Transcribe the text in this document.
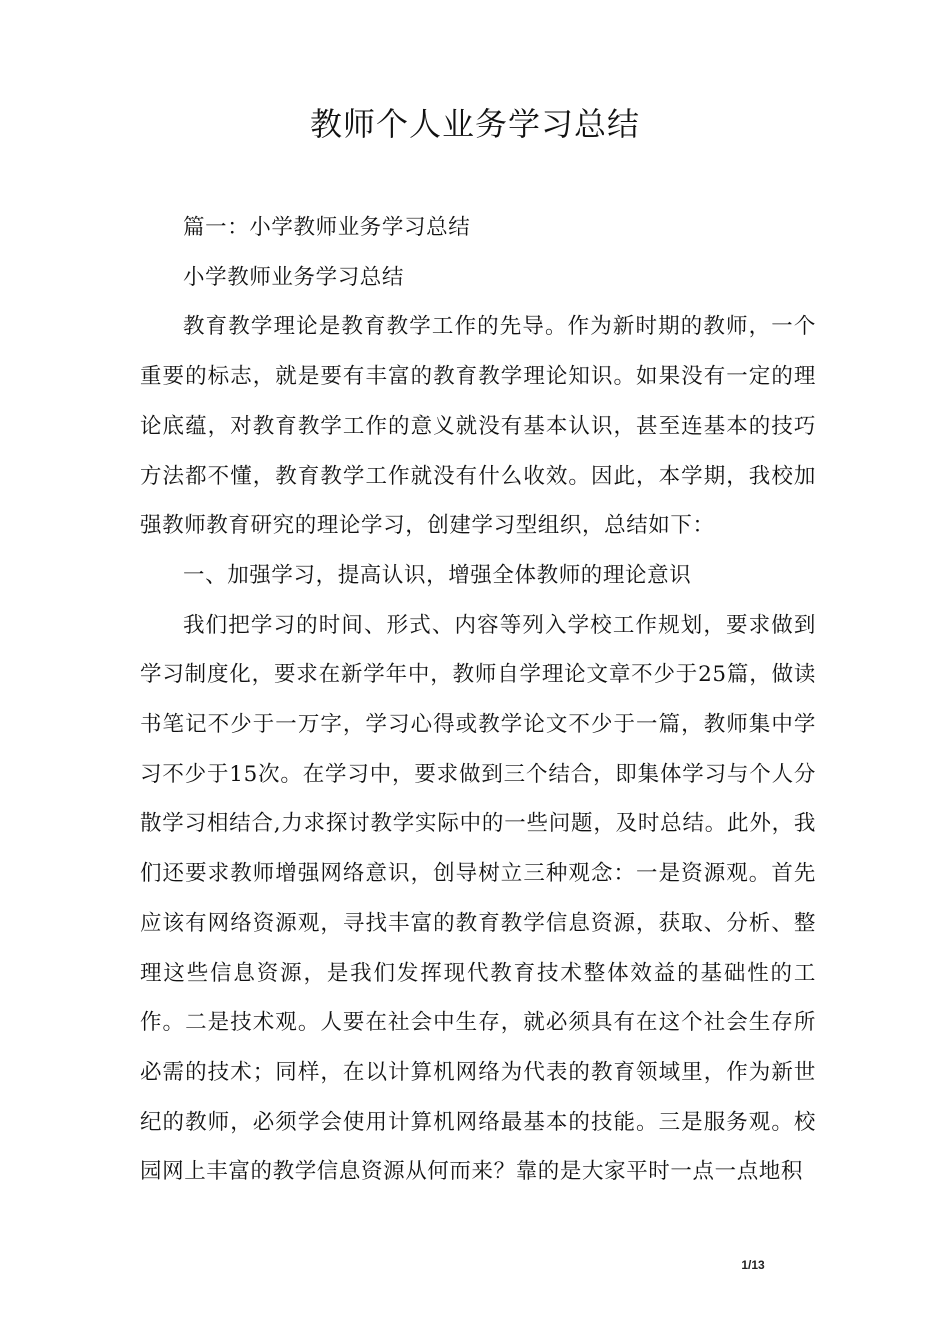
教师个人业务学习总结

篇一：小学教师业务学习总结

小学教师业务学习总结

教育教学理论是教育教学工作的先导。作为新时期的教师，一个重要的标志，就是要有丰富的教育教学理论知识。如果没有一定的理论底蕴，对教育教学工作的意义就没有基本认识，甚至连基本的技巧方法都不懂，教育教学工作就没有什么收效。因此，本学期，我校加强教师教育研究的理论学习，创建学习型组织，总结如下：

一、加强学习，提高认识，增强全体教师的理论意识

我们把学习的时间、形式、内容等列入学校工作规划，要求做到学习制度化，要求在新学年中，教师自学理论文章不少于25篇，做读书笔记不少于一万字，学习心得或教学论文不少于一篇，教师集中学习不少于15次。在学习中，要求做到三个结合，即集体学习与个人分散学习相结合,力求探讨教学实际中的一些问题，及时总结。此外，我们还要求教师增强网络意识，创导树立三种观念：一是资源观。首先应该有网络资源观，寻找丰富的教育教学信息资源，获取、分析、整理这些信息资源，是我们发挥现代教育技术整体效益的基础性的工作。二是技术观。人要在社会中生存，就必须具有在这个社会生存所必需的技术；同样，在以计算机网络为代表的教育领域里，作为新世纪的教师，必须学会使用计算机网络最基本的技能。三是服务观。校园网上丰富的教学信息资源从何而来？靠的是大家平时一点一点地积

1/13
